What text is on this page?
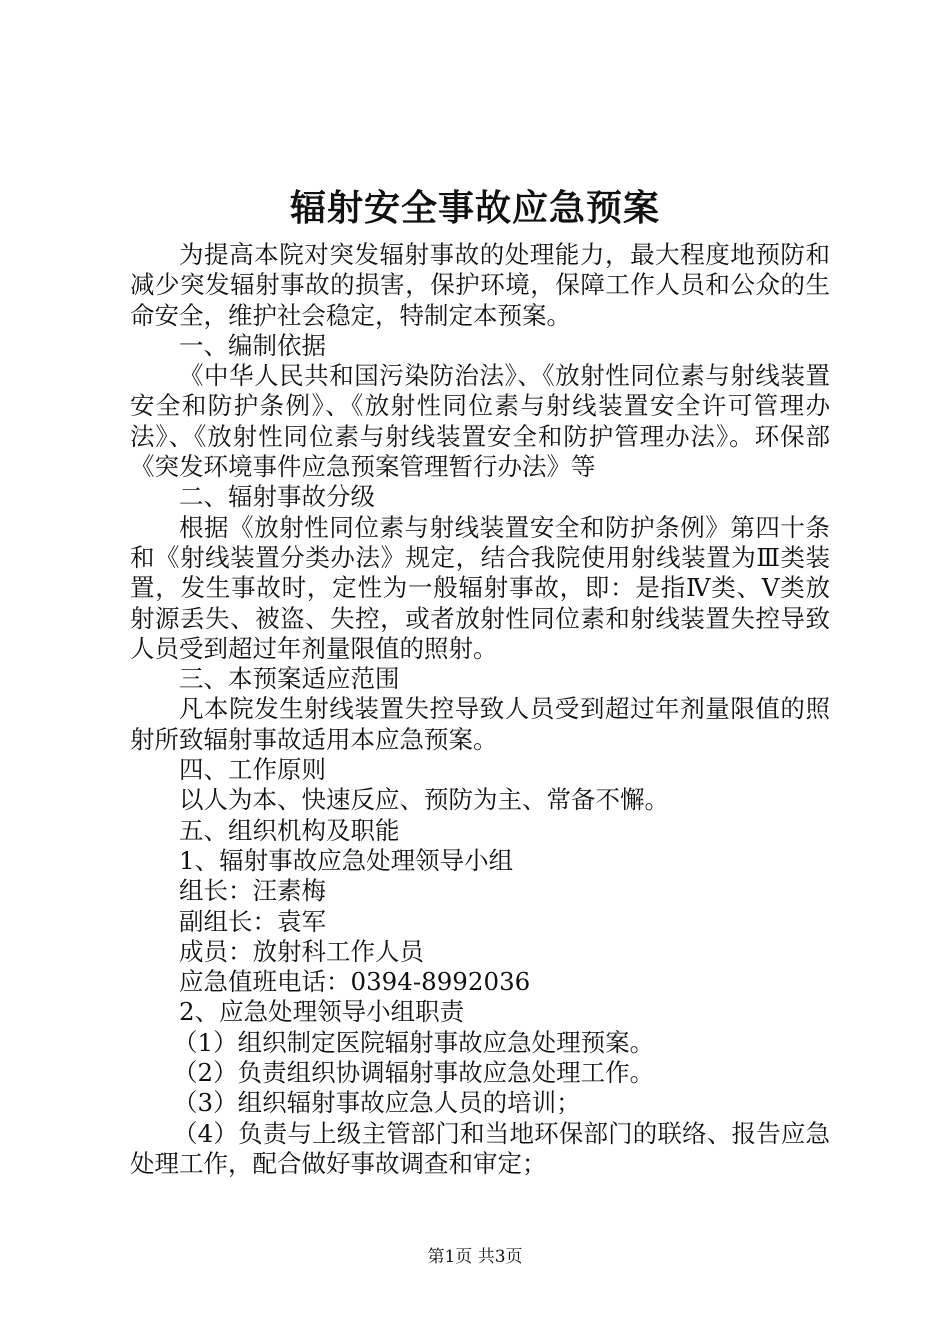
辐射安全事故应急预案

为提高本院对突发辐射事故的处理能力，最大程度地预防和减少突发辐射事故的损害，保护环境，保障工作人员和公众的生命安全，维护社会稳定，特制定本预案。

一、编制依据

《中华人民共和国污染防治法》、《放射性同位素与射线装置安全和防护条例》、《放射性同位素与射线装置安全许可管理办法》、《放射性同位素与射线装置安全和防护管理办法》。环保部《突发环境事件应急预案管理暂行办法》等

二、辐射事故分级

根据《放射性同位素与射线装置安全和防护条例》第四十条和《射线装置分类办法》规定，结合我院使用射线装置为Ⅲ类装置，发生事故时，定性为一般辐射事故，即：是指Ⅳ类、Ⅴ类放射源丢失、被盗、失控，或者放射性同位素和射线装置失控导致人员受到超过年剂量限值的照射。

三、本预案适应范围

凡本院发生射线装置失控导致人员受到超过年剂量限值的照射所致辐射事故适用本应急预案。

四、工作原则

以人为本、快速反应、预防为主、常备不懈。

五、组织机构及职能

1、辐射事故应急处理领导小组

组长：汪素梅

副组长：袁军

成员：放射科工作人员

应急值班电话：0394-8992036

2、应急处理领导小组职责

（1）组织制定医院辐射事故应急处理预案。

（2）负责组织协调辐射事故应急处理工作。

（3）组织辐射事故应急人员的培训；

（4）负责与上级主管部门和当地环保部门的联络、报告应急处理工作，配合做好事故调查和审定；

第1页 共3页
